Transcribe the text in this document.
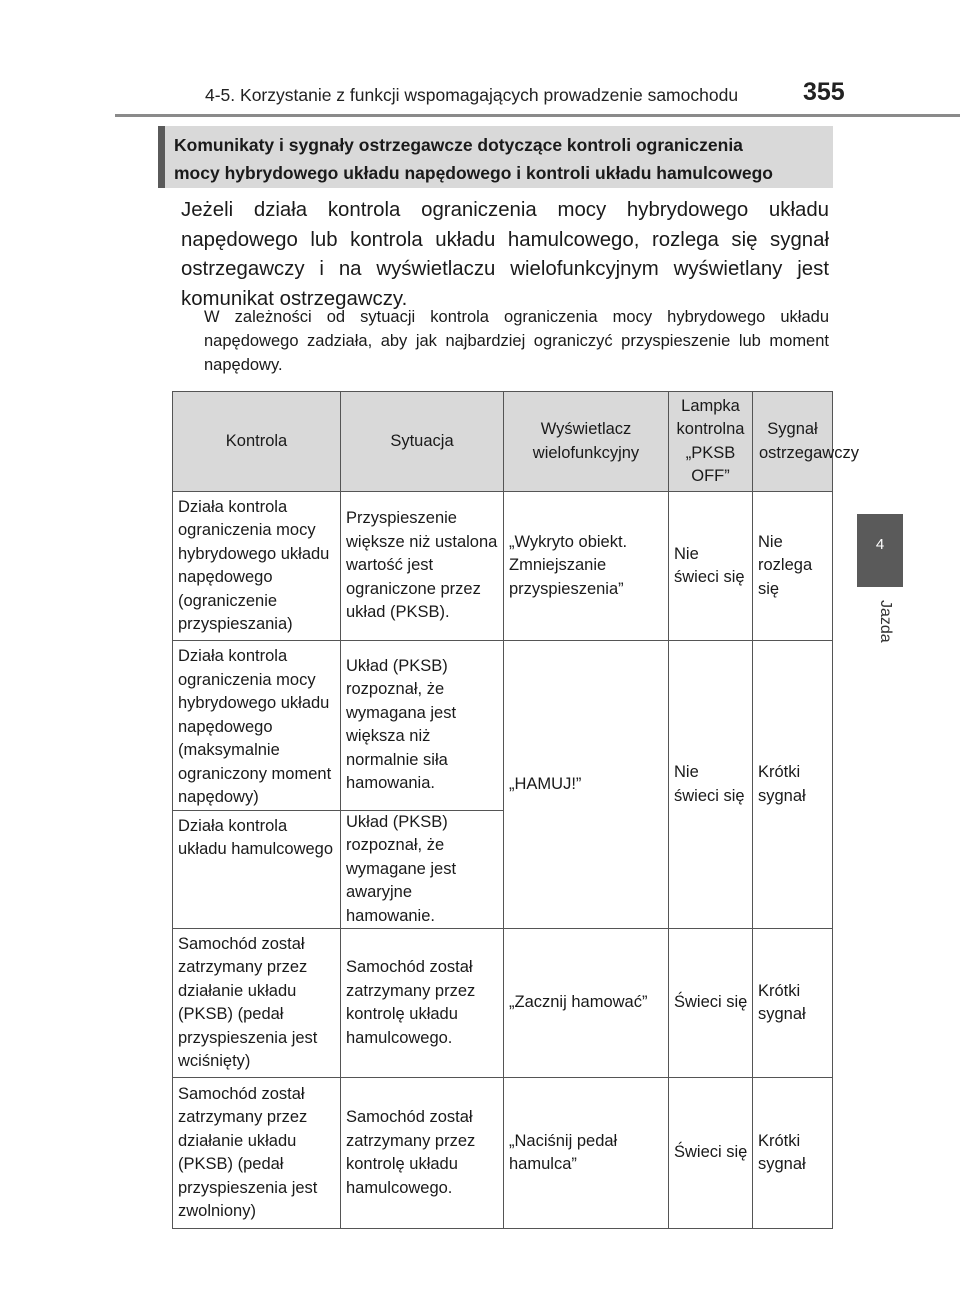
4-5. Korzystanie z funkcji wspomagających prowadzenie samochodu	355
4
Jazda
Komunikaty i sygnały ostrzegawcze dotyczące kontroli ograniczenia
mocy hybrydowego układu napędowego i kontroli układu hamulcowego

Jeżeli działa kontrola ograniczenia mocy hybrydowego układu napędowego lub kontrola układu hamulcowego, rozlega się sygnał ostrzegawczy i na wyświetlaczu wielofunkcyjnym wyświetlany jest komunikat ostrzegawczy.

W zależności od sytuacji kontrola ograniczenia mocy hybrydowego układu napędowego zadziała, aby jak najbardziej ograniczyć przyspieszenie lub moment napędowy.

Kontrola	Sytuacja	Wyświetlacz wielofunkcyjny	Lampka kontrolna „PKSB OFF”	Sygnał ostrzegawczy
Działa kontrola ograniczenia mocy hybrydowego układu napędowego (ograniczenie przyspieszania)	Przyspieszenie większe niż ustalona wartość jest ograniczone przez układ (PKSB).	„Wykryto obiekt. Zmniejszanie przyspieszenia”	Nie świeci się	Nie rozlega się
Działa kontrola ograniczenia mocy hybrydowego układu napędowego (maksymalnie ograniczony moment napędowy)	Układ (PKSB) rozpoznał, że wymagana jest większa niż normalnie siła hamowania.	„HAMUJ!”	Nie świeci się	Krótki sygnał
Działa kontrola układu hamulcowego	Układ (PKSB) rozpoznał, że wymagane jest awaryjne hamowanie.			
Samochód został zatrzymany przez działanie układu (PKSB) (pedał przyspieszenia jest wciśnięty)	Samochód został zatrzymany przez kontrolę układu hamulcowego.	„Zacznij hamować”	Świeci się	Krótki sygnał
Samochód został zatrzymany przez działanie układu (PKSB) (pedał przyspieszenia jest zwolniony)	Samochód został zatrzymany przez kontrolę układu hamulcowego.	„Naciśnij pedał hamulca”	Świeci się	Krótki sygnał
